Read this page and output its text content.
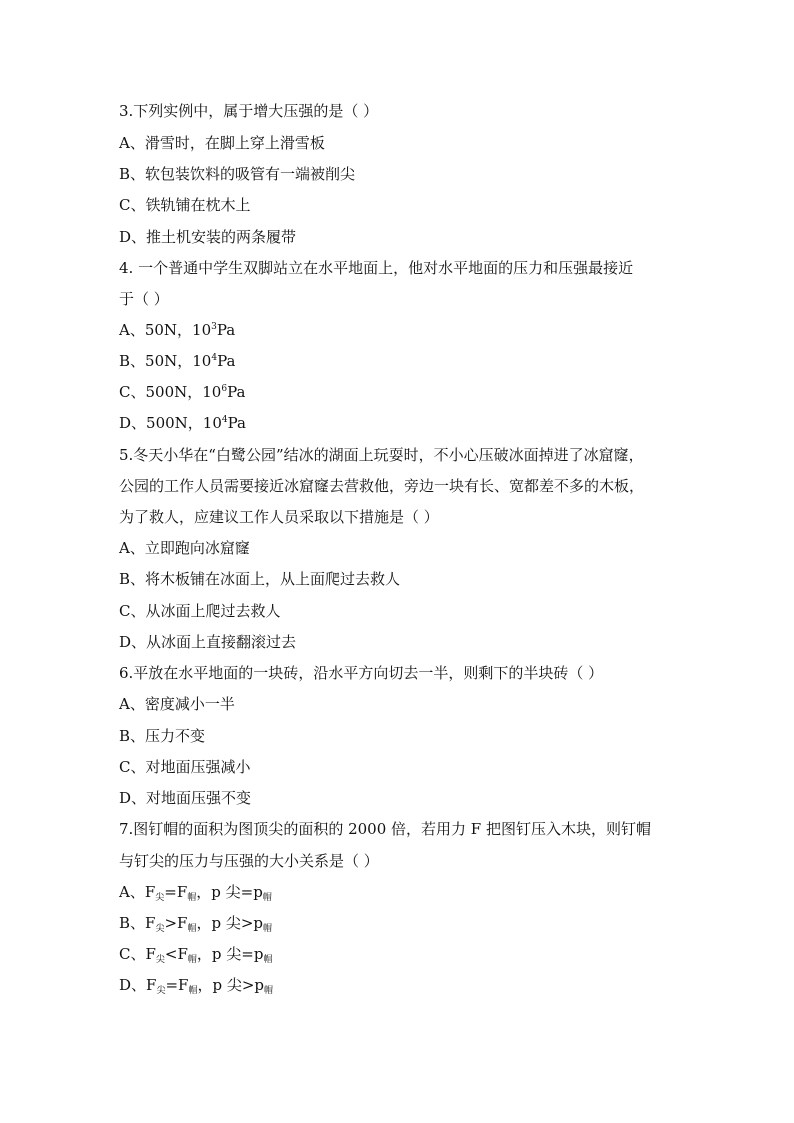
3.下列实例中，属于增大压强的是（ ）
A、滑雪时，在脚上穿上滑雪板
B、软包装饮料的吸管有一端被削尖
C、铁轨铺在枕木上
D、推土机安装的两条履带
4. 一个普通中学生双脚站立在水平地面上，他对水平地面的压力和压强最接近
于（ ）
A、50N，$10^3Pa$
B、50N，$10^4Pa$
C、500N，$10^6Pa$
D、500N，$10^4Pa$
5.冬天小华在“白鹭公园”结冰的湖面上玩耍时，不小心压破冰面掉进了冰窟窿，
公园的工作人员需要接近冰窟窿去营救他，旁边一块有长、宽都差不多的木板，
为了救人，应建议工作人员采取以下措施是（ ）
A、立即跑向冰窟窿
B、将木板铺在冰面上，从上面爬过去救人
C、从冰面上爬过去救人
D、从冰面上直接翻滚过去
6.平放在水平地面的一块砖，沿水平方向切去一半，则剩下的半块砖（ ）
A、密度减小一半
B、压力不变
C、对地面压强减小
D、对地面压强不变
7.图钉帽的面积为图顶尖的面积的 2000 倍，若用力 F 把图钉压入木块，则钉帽
与钉尖的压力与压强的大小关系是（ ）
A、$F_尖=F_帽$，p 尖$=p_帽$
B、$F_尖>F_帽$，p 尖$>p_帽$
C、$F_尖<F_帽$，p 尖$=p_帽$
D、$F_尖=F_帽$，p 尖$>p_帽$
